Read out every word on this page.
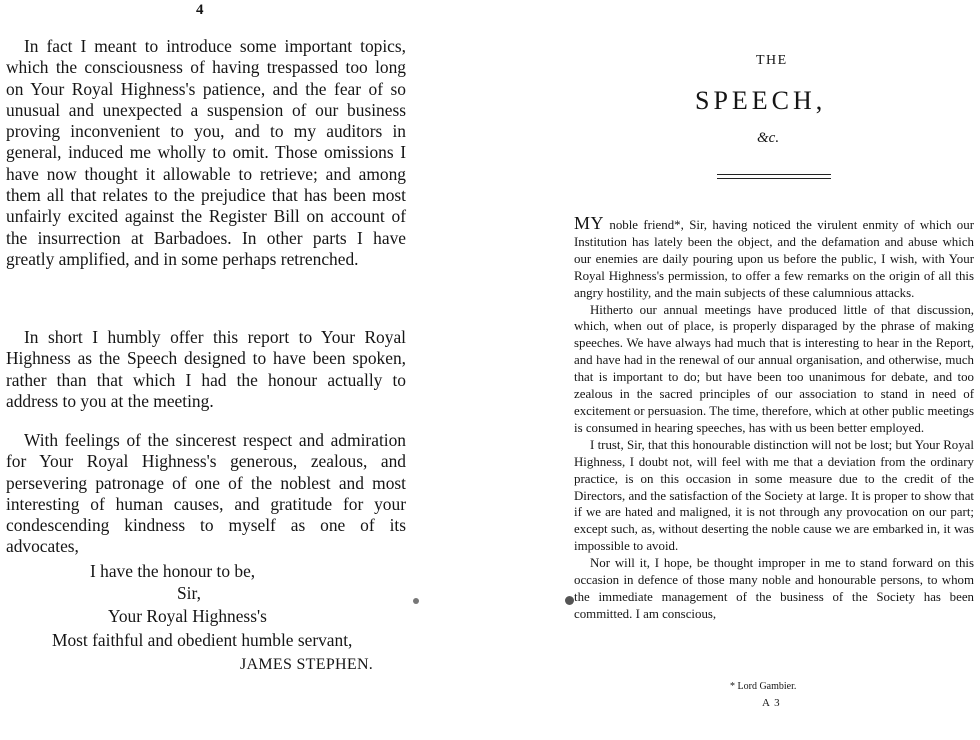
4

In fact I meant to introduce some important topics, which the consciousness of having trespassed too long on Your Royal Highness's patience, and the fear of so unusual and unexpected a suspension of our business proving inconvenient to you, and to my auditors in general, induced me wholly to omit. Those omissions I have now thought it allowable to retrieve; and among them all that relates to the prejudice that has been most unfairly excited against the Register Bill on account of the insurrection at Barbadoes. In other parts I have greatly amplified, and in some perhaps retrenched.

In short I humbly offer this report to Your Royal Highness as the Speech designed to have been spoken, rather than that which I had the honour actually to address to you at the meeting.

With feelings of the sincerest respect and admiration for Your Royal Highness's generous, zealous, and persevering patronage of one of the noblest and most interesting of human causes, and gratitude for your condescending kindness to myself as one of its advocates,

I have the honour to be,
Sir,
Your Royal Highness's
Most faithful and obedient humble servant,
JAMES STEPHEN.
THE
SPEECH,
&c.

MY noble friend*, Sir, having noticed the virulent enmity of which our Institution has lately been the object, and the defamation and abuse which our enemies are daily pouring upon us before the public, I wish, with Your Royal Highness's permission, to offer a few remarks on the origin of all this angry hostility, and the main subjects of these calumnious attacks.

Hitherto our annual meetings have produced little of that discussion, which, when out of place, is properly disparaged by the phrase of making speeches. We have always had much that is interesting to hear in the Report, and have had in the renewal of our annual organisation, and otherwise, much that is important to do; but have been too unanimous for debate, and too zealous in the sacred principles of our association to stand in need of excitement or persuasion. The time, therefore, which at other public meetings is consumed in hearing speeches, has with us been better employed.

I trust, Sir, that this honourable distinction will not be lost; but Your Royal Highness, I doubt not, will feel with me that a deviation from the ordinary practice, is on this occasion in some measure due to the credit of the Directors, and the satisfaction of the Society at large. It is proper to show that if we are hated and maligned, it is not through any provocation on our part; except such, as, without deserting the noble cause we are embarked in, it was impossible to avoid.

Nor will it, I hope, be thought improper in me to stand forward on this occasion in defence of those many noble and honourable persons, to whom the immediate management of the business of the Society has been committed. I am conscious,

* Lord Gambier.
A 3
